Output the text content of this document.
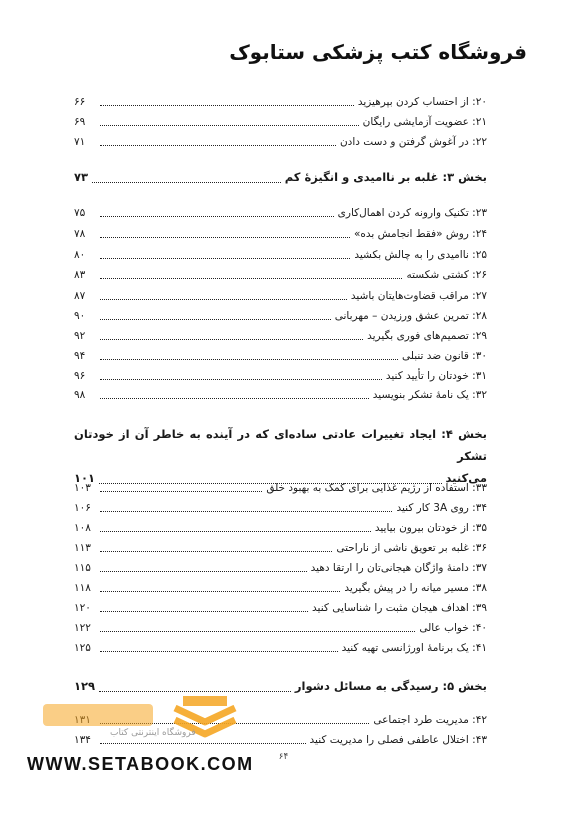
فروشگاه کتب پزشکی ستابوک
۲۰: از احتساب کردن بپرهیزید
۶۶
۲۱: عضویت آزمایشی رایگان
۶۹
۲۲: در آغوش گرفتن و دست دادن
۷۱
بخش ۳: غلبه بر ناامیدی و انگیزهٔ کم
۷۳
۲۳: تکنیک وارونه کردن اهمال‌کاری
۷۵
۲۴: روش «فقط انجامش بده»
۷۸
۲۵: ناامیدی را به چالش بکشید
۸۰
۲۶: کشتی شکسته
۸۳
۲۷: مراقب قضاوت‌هایتان باشید
۸۷
۲۸: تمرین عشق ورزیدن – مهربانی
۹۰
۲۹: تصمیم‌های فوری بگیرید
۹۲
۳۰: قانون ضد تنبلی
۹۴
۳۱: خودتان را تأیید کنید
۹۶
۳۲: یک نامهٔ تشکر بنویسید
۹۸
بخش ۴: ایجاد تغییرات عادتی ساده‌ای که در آینده به خاطر آن از خودتان تشکر
می‌کنید
۱۰۱
۳۳: استفاده از رژیم غذایی برای کمک به بهبود خلق
۱۰۳
۳۴: روی 3A کار کنید
۱۰۶
۳۵: از خودتان بیرون بیایید
۱۰۸
۳۶: غلبه بر تعویق ناشی از ناراحتی
۱۱۳
۳۷: دامنهٔ واژگان هیجانی‌تان را ارتقا دهید
۱۱۵
۳۸: مسیر میانه را در پیش بگیرید
۱۱۸
۳۹: اهداف هیجان مثبت را شناسایی کنید
۱۲۰
۴۰: خواب عالی
۱۲۲
۴۱: یک برنامهٔ اورژانسی تهیه کنید
۱۲۵
بخش ۵: رسیدگی به مسائل دشوار
۱۲۹
۴۲: مدیریت طرد اجتماعی
۴۳: اختلال عاطفی فصلی را مدیریت کنید
۱۳۴
۶۴
فروشگاه اینترنتی کتاب
WWW.SETABOOK.COM
